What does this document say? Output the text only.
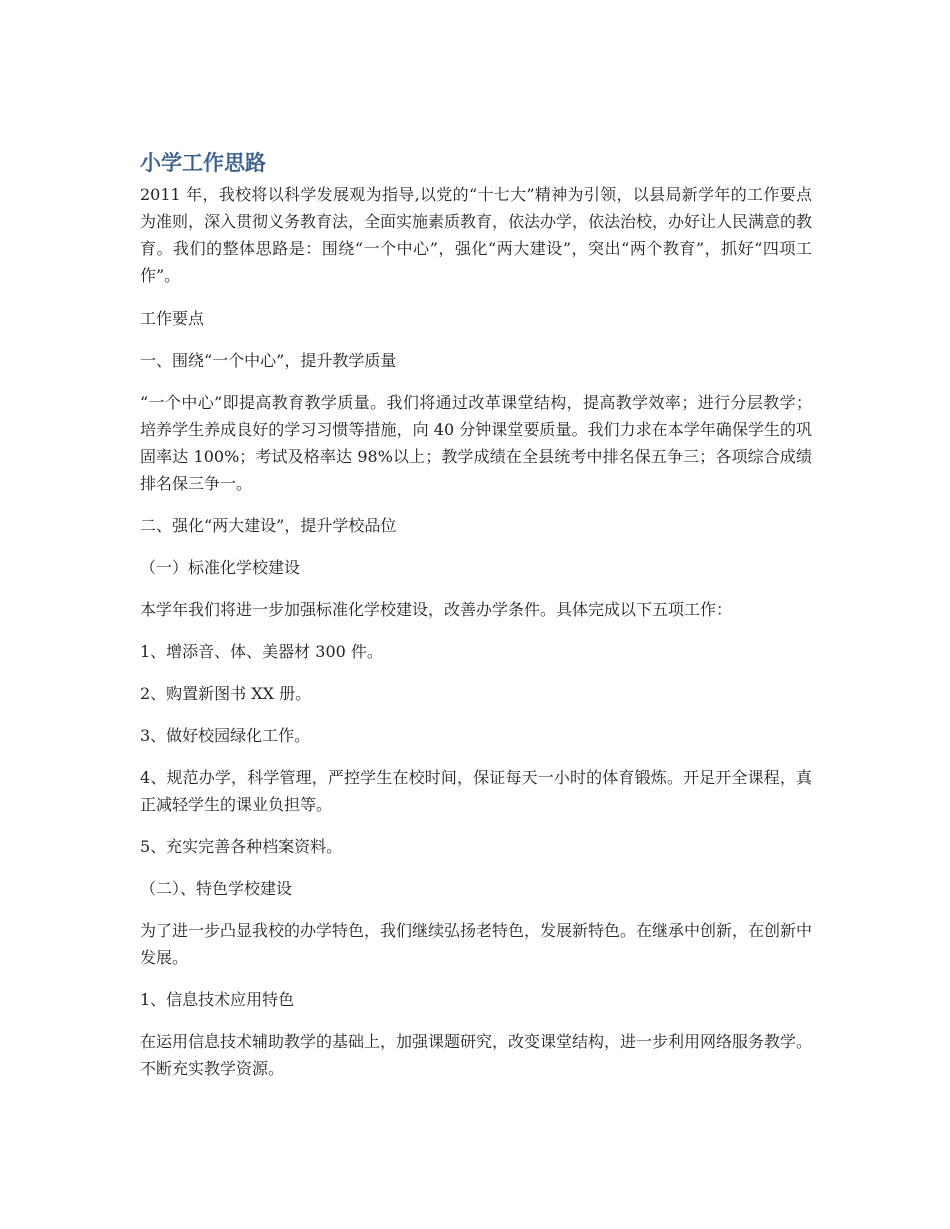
小学工作思路

2011 年，我校将以科学发展观为指导,以党的“十七大”精神为引领，以县局新学年的工作要点为准则，深入贯彻义务教育法，全面实施素质教育，依法办学，依法治校，办好让人民满意的教育。我们的整体思路是：围绕“一个中心”，强化“两大建设”，突出“两个教育”，抓好“四项工作”。

工作要点

一、围绕“一个中心”，提升教学质量

“一个中心”即提高教育教学质量。我们将通过改革课堂结构，提高教学效率；进行分层教学；培养学生养成良好的学习习惯等措施，向 40 分钟课堂要质量。我们力求在本学年确保学生的巩固率达 100%；考试及格率达 98%以上；教学成绩在全县统考中排名保五争三；各项综合成绩排名保三争一。

二、强化“两大建设”，提升学校品位

（一）标准化学校建设

本学年我们将进一步加强标准化学校建设，改善办学条件。具体完成以下五项工作：

1、增添音、体、美器材 300 件。

2、购置新图书 XX 册。

3、做好校园绿化工作。

4、规范办学，科学管理，严控学生在校时间，保证每天一小时的体育锻炼。开足开全课程，真正减轻学生的课业负担等。

5、充实完善各种档案资料。

（二）、特色学校建设

为了进一步凸显我校的办学特色，我们继续弘扬老特色，发展新特色。在继承中创新，在创新中发展。

1、信息技术应用特色

在运用信息技术辅助教学的基础上，加强课题研究，改变课堂结构，进一步利用网络服务教学。不断充实教学资源。
